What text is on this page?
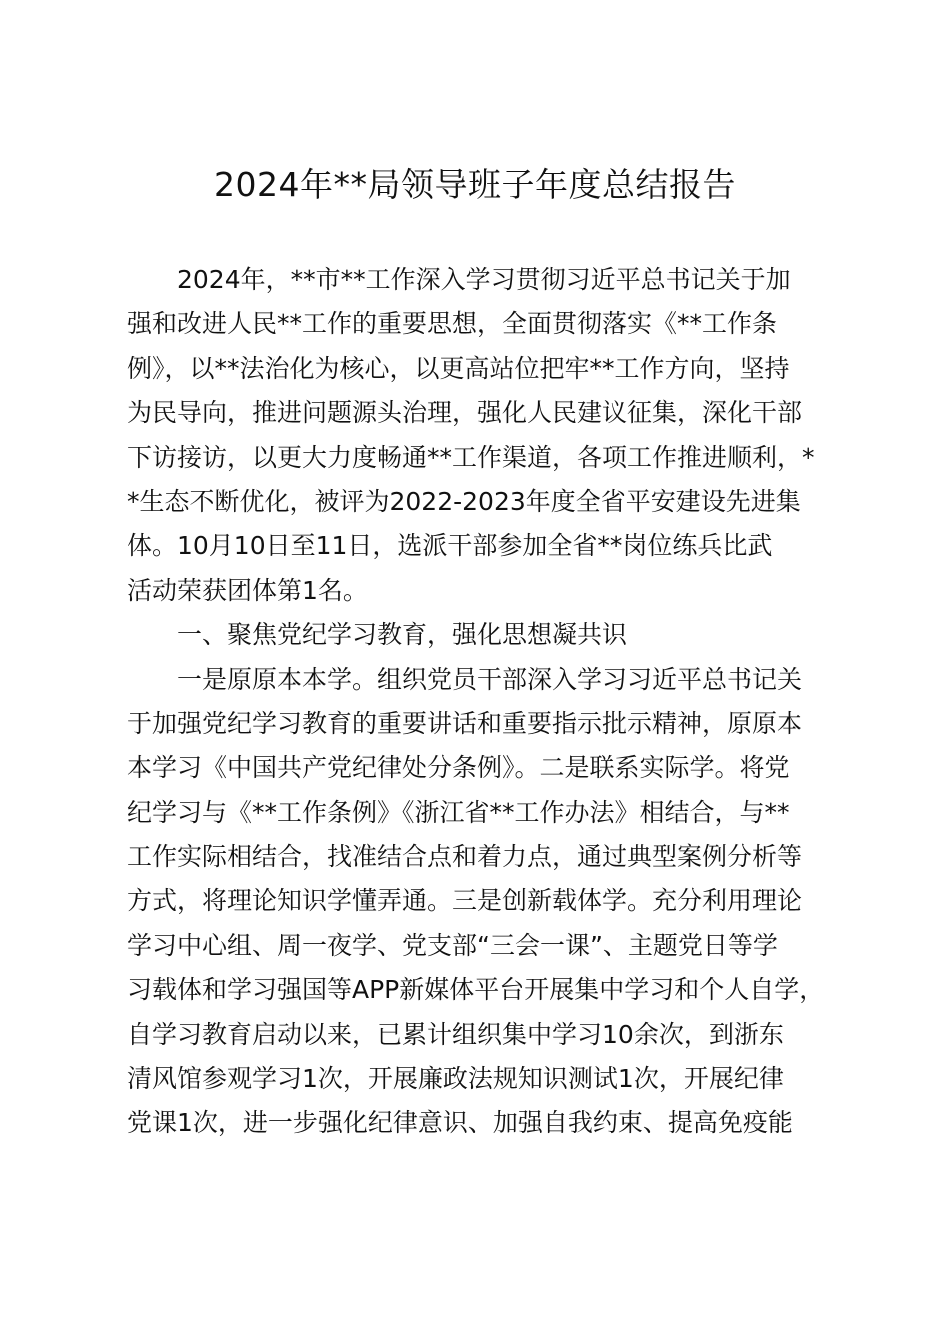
2024年**局领导班子年度总结报告
2024年，**市**工作深入学习贯彻习近平总书记关于加
强和改进人民**工作的重要思想，全面贯彻落实《**工作条
例》，以**法治化为核心，以更高站位把牢**工作方向，坚持
为民导向，推进问题源头治理，强化人民建议征集，深化干部
下访接访，以更大力度畅通**工作渠道，各项工作推进顺利，*
*生态不断优化，被评为2022-2023年度全省平安建设先进集
体。10月10日至11日，选派干部参加全省**岗位练兵比武
活动荣获团体第1名。
一、聚焦党纪学习教育，强化思想凝共识
一是原原本本学。组织党员干部深入学习习近平总书记关
于加强党纪学习教育的重要讲话和重要指示批示精神，原原本
本学习《中国共产党纪律处分条例》。二是联系实际学。将党
纪学习与《**工作条例》《浙江省**工作办法》相结合，与**
工作实际相结合，找准结合点和着力点，通过典型案例分析等
方式，将理论知识学懂弄通。三是创新载体学。充分利用理论
学习中心组、周一夜学、党支部“三会一课”、主题党日等学
习载体和学习强国等APP新媒体平台开展集中学习和个人自学，
自学习教育启动以来，已累计组织集中学习10余次，到浙东
清风馆参观学习1次，开展廉政法规知识测试1次，开展纪律
党课1次，进一步强化纪律意识、加强自我约束、提高免疫能
